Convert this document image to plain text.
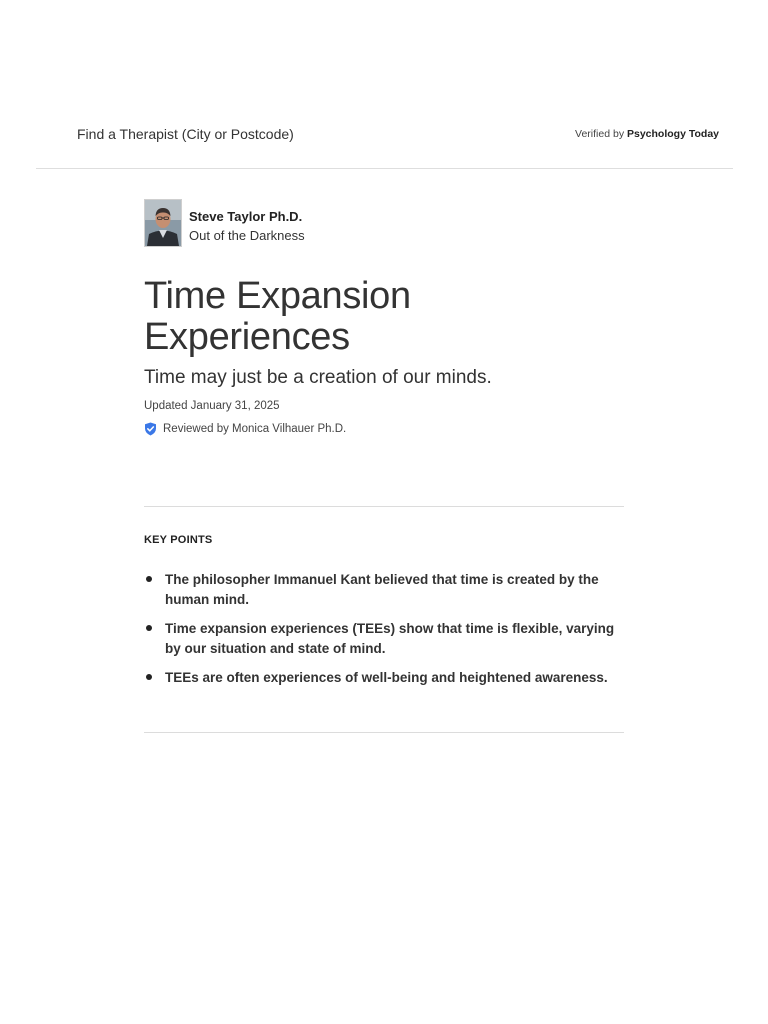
Find a Therapist (City or Postcode)	Verified by Psychology Today
Steve Taylor Ph.D.
Out of the Darkness
Time Expansion Experiences

Time may just be a creation of our minds.

Updated January 31, 2025
Reviewed by Monica Vilhauer Ph.D.
KEY POINTS
The philosopher Immanuel Kant believed that time is created by the human mind.
Time expansion experiences (TEEs) show that time is flexible, varying by our situation and state of mind.
TEEs are often experiences of well-being and heightened awareness.
